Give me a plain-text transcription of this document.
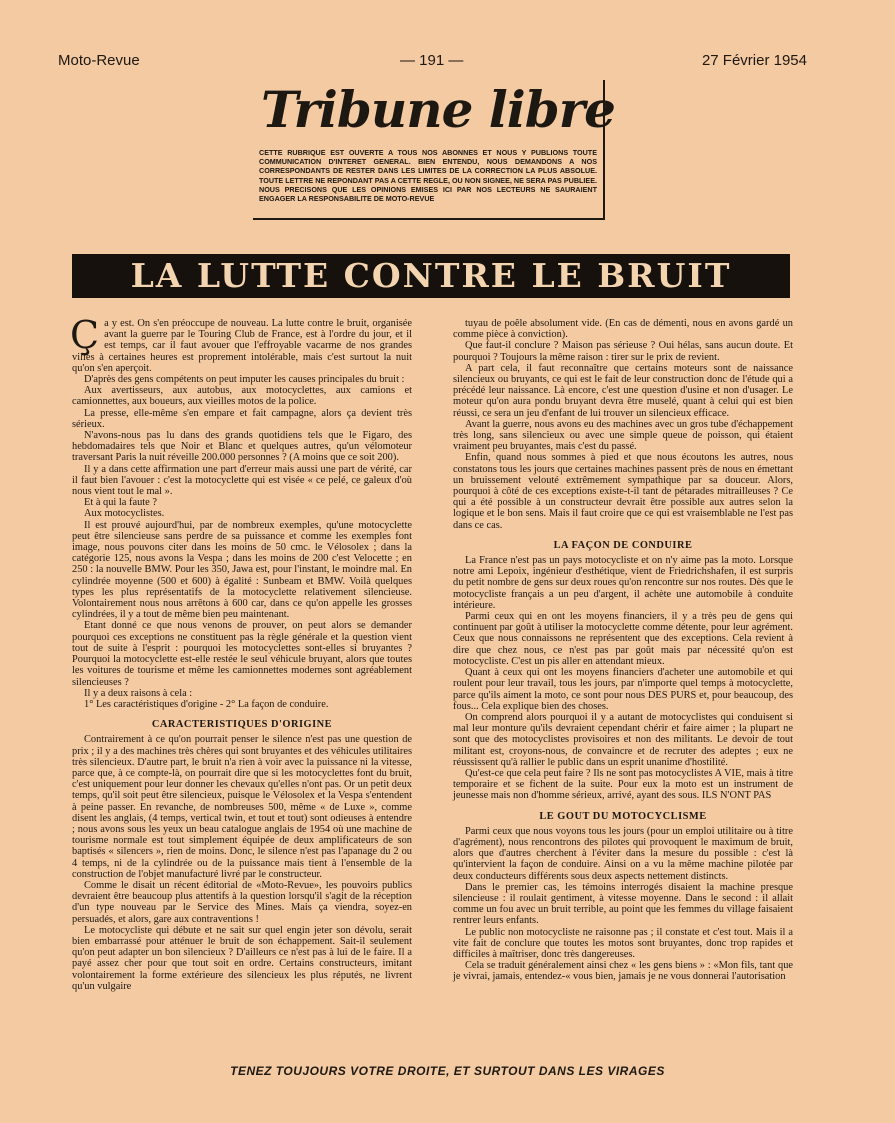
Moto-Revue	— 191 —	27 Février 1954
Tribune libre
CETTE RUBRIQUE EST OUVERTE A TOUS NOS ABONNES ET NOUS Y PUBLIONS TOUTE COMMUNICATION D'INTERET GENERAL. BIEN ENTENDU, NOUS DEMANDONS A NOS CORRESPONDANTS DE RESTER DANS LES LIMITES DE LA CORRECTION LA PLUS ABSOLUE. TOUTE LETTRE NE REPONDANT PAS A CETTE REGLE, OU NON SIGNEE, NE SERA PAS PUBLIEE. NOUS PRECISONS QUE LES OPINIONS EMISES ICI PAR NOS LECTEURS NE SAURAIENT ENGAGER LA RESPONSABILITE DE MOTO-REVUE
LA LUTTE CONTRE LE BRUIT
Ç a y est. On s'en préoccupe de nouveau. La lutte contre le bruit, organisée avant la guerre par le Touring Club de France, est à l'ordre du jour, et il est temps, car il faut avouer que l'effroyable vacarme de nos grandes villes à certaines heures est proprement intolérable, mais c'est surtout la nuit qu'on s'en aperçoit.

D'après des gens compétents on peut imputer les causes principales du bruit :

Aux avertisseurs, aux autobus, aux motocyclettes, aux camions et camionnettes, aux boueurs, aux vieilles motos de la police.

La presse, elle-même s'en empare et fait campagne, alors ça devient très sérieux.

N'avons-nous pas lu dans des grands quotidiens tels que le Figaro, des hebdomadaires tels que Noir et Blanc et quelques autres, qu'un vélomoteur traversant Paris la nuit réveille 200.000 personnes ? (A moins que ce soit 200).

Il y a dans cette affirmation une part d'erreur mais aussi une part de vérité, car il faut bien l'avouer : c'est la motocyclette qui est visée « ce pelé, ce galeux d'où nous vient tout le mal ».

Et à qui la faute ?

Aux motocyclistes.

Il est prouvé aujourd'hui, par de nombreux exemples, qu'une motocyclette peut être silencieuse sans perdre de sa puissance et comme les exemples font image, nous pouvons citer dans les moins de 50 cmc. le Vélosolex ; dans la catégorie 125, nous avons la Vespa ; dans les moins de 200 c'est Velocette ; en 250 : la nouvelle BMW. Pour les 350, Jawa est, pour l'instant, le moindre mal. En cylindrée moyenne (500 et 600) à égalité : Sunbeam et BMW. Voilà quelques types les plus représentatifs de la motocyclette relativement silencieuse. Volontairement nous nous arrêtons à 600 car, dans ce qu'on appelle les grosses cylindrées, il y a tout de même bien peu maintenant.

Etant donné ce que nous venons de prouver, on peut alors se demander pourquoi ces exceptions ne constituent pas la règle générale et la question vient tout de suite à l'esprit : pourquoi les motocyclettes sont-elles si bruyantes ? Pourquoi la motocyclette est-elle restée le seul véhicule bruyant, alors que toutes les voitures de tourisme et même les camionnettes modernes sont agréablement silencieuses ?

Il y a deux raisons à cela :

1° Les caractéristiques d'origine - 2° La façon de conduire.

CARACTERISTIQUES D'ORIGINE

Contrairement à ce qu'on pourrait penser le silence n'est pas une question de prix ; il y a des machines très chères qui sont bruyantes et des véhicules utilitaires très silencieux. D'autre part, le bruit n'a rien à voir avec la puissance ni la vitesse, parce que, à ce compte-là, on pourrait dire que si les motocyclettes font du bruit, c'est uniquement pour leur donner les chevaux qu'elles n'ont pas. Or un petit deux temps, qu'il soit peut être silencieux, puisque le Vélosolex et la Vespa s'entendent à peine passer. En revanche, de nombreuses 500, même « de Luxe », comme disent les anglais, (4 temps, vertical twin, et tout et tout) sont odieuses à entendre ; nous avons sous les yeux un beau catalogue anglais de 1954 où une machine de tourisme normale est tout simplement équipée de deux amplificateurs de son baptisés « silencers », rien de moins. Donc, le silence n'est pas l'apanage du 2 ou 4 temps, ni de la cylindrée ou de la puissance mais tient à l'ensemble de la construction de l'objet manufacturé livré par le constructeur.

Comme le disait un récent éditorial de «Moto-Revue», les pouvoirs publics devraient être beaucoup plus attentifs à la question lorsqu'il s'agit de la réception d'un type nouveau par le Service des Mines. Mais ça viendra, soyez-en persuadés, et alors, gare aux contraventions !

Le motocycliste qui débute et ne sait sur quel engin jeter son dévolu, serait bien embarrassé pour atténuer le bruit de son échappement. Sait-il seulement qu'on peut adapter un bon silencieux ? D'ailleurs ce n'est pas à lui de le faire. Il a payé assez cher pour que tout soit en ordre. Certains constructeurs, imitant volontairement la forme extérieure des silencieux les plus réputés, ne livrent qu'un vulgaire

tuyau de poêle absolument vide. (En cas de démenti, nous en avons gardé un comme pièce à conviction).

Que faut-il conclure ? Maison pas sérieuse ? Oui hélas, sans aucun doute. Et pourquoi ? Toujours la même raison : tirer sur le prix de revient.

A part cela, il faut reconnaître que certains moteurs sont de naissance silencieux ou bruyants, ce qui est le fait de leur construction donc de l'étude qui a précédé leur naissance. Là encore, c'est une question d'usine et non d'usager. Le moteur qu'on aura pondu bruyant devra être muselé, quant à celui qui est bien réussi, ce sera un jeu d'enfant de lui trouver un silencieux efficace.

Avant la guerre, nous avons eu des machines avec un gros tube d'échappement très long, sans silencieux ou avec une simple queue de poisson, qui étaient vraiment peu bruyantes, mais c'est du passé.

Enfin, quand nous sommes à pied et que nous écoutons les autres, nous constatons tous les jours que certaines machines passent près de nous en émettant un bruissement velouté extrêmement sympathique par sa douceur. Alors, pourquoi à côté de ces exceptions existe-t-il tant de pétarades mitrailleuses ? Ce qui a été possible à un constructeur devrait être possible aux autres selon la logique et le bon sens. Mais il faut croire que ce qui est vraisemblable ne l'est pas dans ce cas.

LA FAÇON DE CONDUIRE

La France n'est pas un pays motocycliste et on n'y aime pas la moto. Lorsque notre ami Lepoix, ingénieur d'esthétique, vient de Friedrichshafen, il est surpris du petit nombre de gens sur deux roues qu'on rencontre sur nos routes. Dès que le motocycliste français a un peu d'argent, il achète une automobile à conduite intérieure.

Parmi ceux qui en ont les moyens financiers, il y a très peu de gens qui continuent par goût à utiliser la motocyclette comme détente, pour leur agrément. Ceux que nous connaissons ne représentent que des exceptions. Cela revient à dire que chez nous, ce n'est pas par goût mais par nécessité qu'on est motocycliste. C'est un pis aller en attendant mieux.

Quant à ceux qui ont les moyens financiers d'acheter une automobile et qui roulent pour leur travail, tous les jours, par n'importe quel temps à motocyclette, parce qu'ils aiment la moto, ce sont pour nous DES PURS et, pour beaucoup, des fous... Cela explique bien des choses.

On comprend alors pourquoi il y a autant de motocyclistes qui conduisent si mal leur monture qu'ils devraient cependant chérir et faire aimer ; la plupart ne sont que des motocyclistes provisoires et non des militants. Le devoir de tout militant est, croyons-nous, de convaincre et de recruter des adeptes ; eux ne réussissent qu'à rallier le public dans un esprit unanime d'hostilité.

Qu'est-ce que cela peut faire ? Ils ne sont pas motocyclistes A VIE, mais à titre temporaire et se fichent de la suite. Pour eux la moto est un instrument de jeunesse mais non d'homme sérieux, arrivé, ayant des sous. ILS N'ONT PAS

LE GOUT DU MOTOCYCLISME

Parmi ceux que nous voyons tous les jours (pour un emploi utilitaire ou à titre d'agrément), nous rencontrons des pilotes qui provoquent le maximum de bruit, alors que d'autres cherchent à l'éviter dans la mesure du possible : c'est là qu'intervient la façon de conduire. Ainsi on a vu la même machine pilotée par deux conducteurs différents sous deux aspects nettement distincts.

Dans le premier cas, les témoins interrogés disaient la machine presque silencieuse : il roulait gentiment, à vitesse moyenne. Dans le second : il allait comme un fou avec un bruit terrible, au point que les femmes du village faisaient rentrer leurs enfants.

Le public non motocycliste ne raisonne pas ; il constate et c'est tout. Mais il a vite fait de conclure que toutes les motos sont bruyantes, donc trop rapides et difficiles à maîtriser, donc très dangereuses.

Cela se traduit généralement ainsi chez « les gens biens » : «Mon fils, tant que je vivrai, jamais, entendez-« vous bien, jamais je ne vous donnerai l'autorisation

TENEZ TOUJOURS VOTRE DROITE, ET SURTOUT DANS LES VIRAGES
